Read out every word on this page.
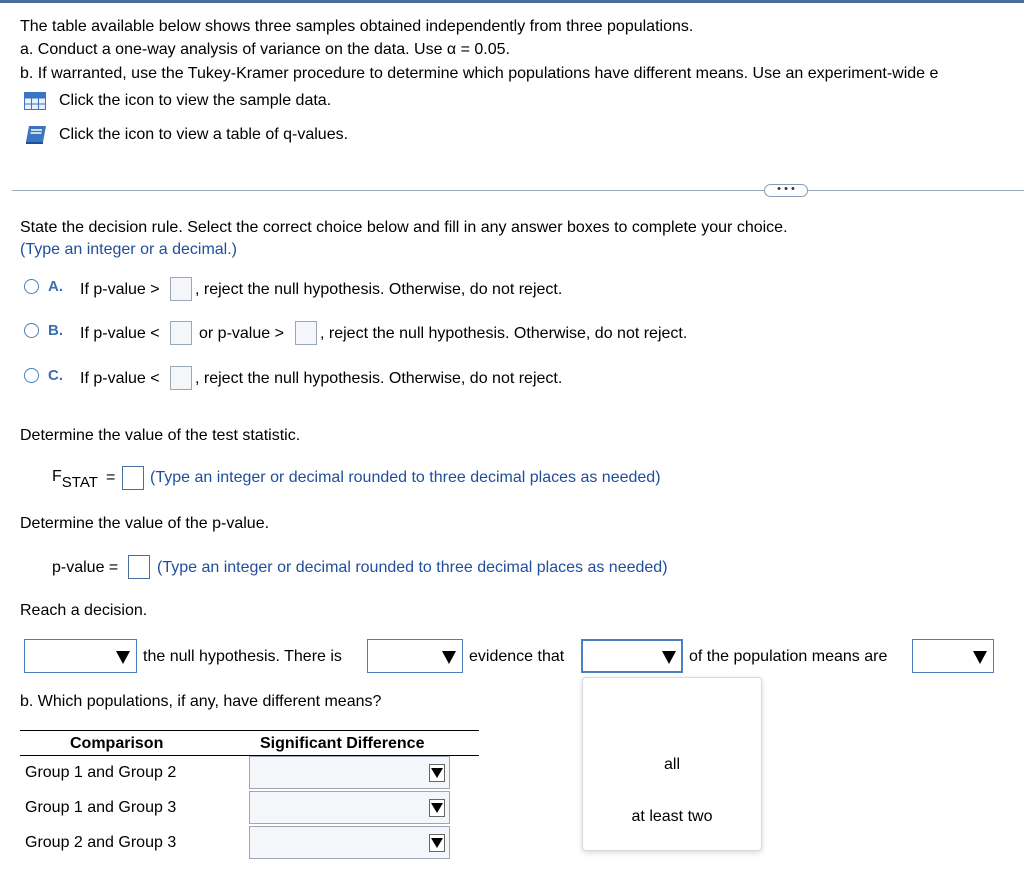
The table available below shows three samples obtained independently from three populations.
a. Conduct a one-way analysis of variance on the data. Use α = 0.05.
b. If warranted, use the Tukey-Kramer procedure to determine which populations have different means. Use an experiment-wide e
Click the icon to view the sample data.
Click the icon to view a table of q-values.
• • •
State the decision rule. Select the correct choice below and fill in any answer boxes to complete your choice.
(Type an integer or a decimal.)
A. If p-value > , reject the null hypothesis. Otherwise, do not reject.
B. If p-value < or p-value > , reject the null hypothesis. Otherwise, do not reject.
C. If p-value < , reject the null hypothesis. Otherwise, do not reject.
Determine the value of the test statistic.
FSTAT = (Type an integer or decimal rounded to three decimal places as needed)
Determine the value of the p-value.
p-value = (Type an integer or decimal rounded to three decimal places as needed)
Reach a decision.
the null hypothesis. There is	evidence that	of the population means are
b. Which populations, if any, have different means?
Comparison	Significant Difference
Group 1 and Group 2
Group 1 and Group 3
Group 2 and Group 3
all
at least two
